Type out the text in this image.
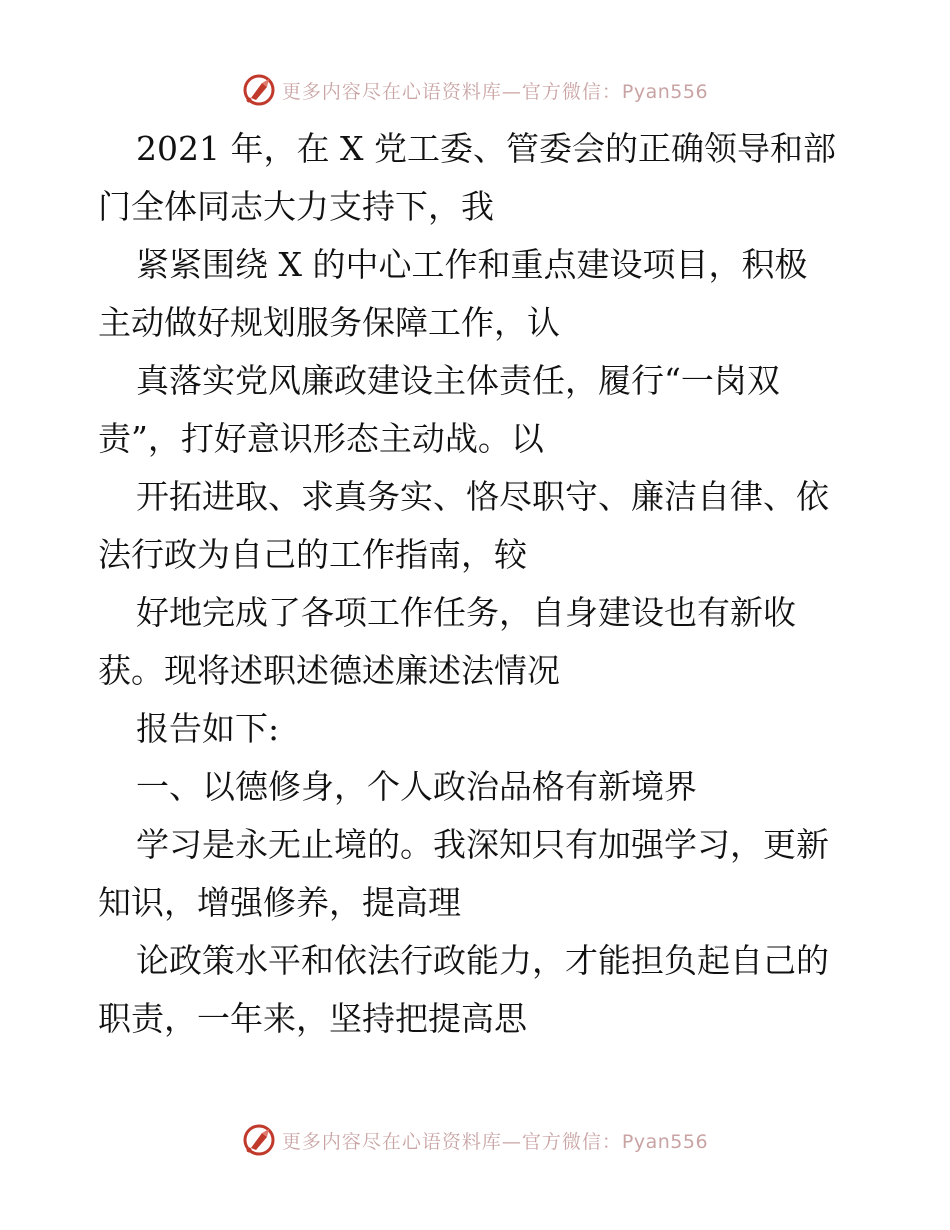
更多内容尽在心语资料库—官方微信：Pyan556
2021 年，在 X 党工委、管委会的正确领导和部
门全体同志大力支持下，我
紧紧围绕 X 的中心工作和重点建设项目，积极
主动做好规划服务保障工作，认
真落实党风廉政建设主体责任，履行“一岗双
责”，打好意识形态主动战。以
开拓进取、求真务实、恪尽职守、廉洁自律、依
法行政为自己的工作指南，较
好地完成了各项工作任务，自身建设也有新收
获。现将述职述德述廉述法情况
报告如下:
一、以德修身，个人政治品格有新境界
学习是永无止境的。我深知只有加强学习，更新
知识，增强修养，提高理
论政策水平和依法行政能力，才能担负起自己的
职责，一年来，坚持把提高思
更多内容尽在心语资料库—官方微信：Pyan556
